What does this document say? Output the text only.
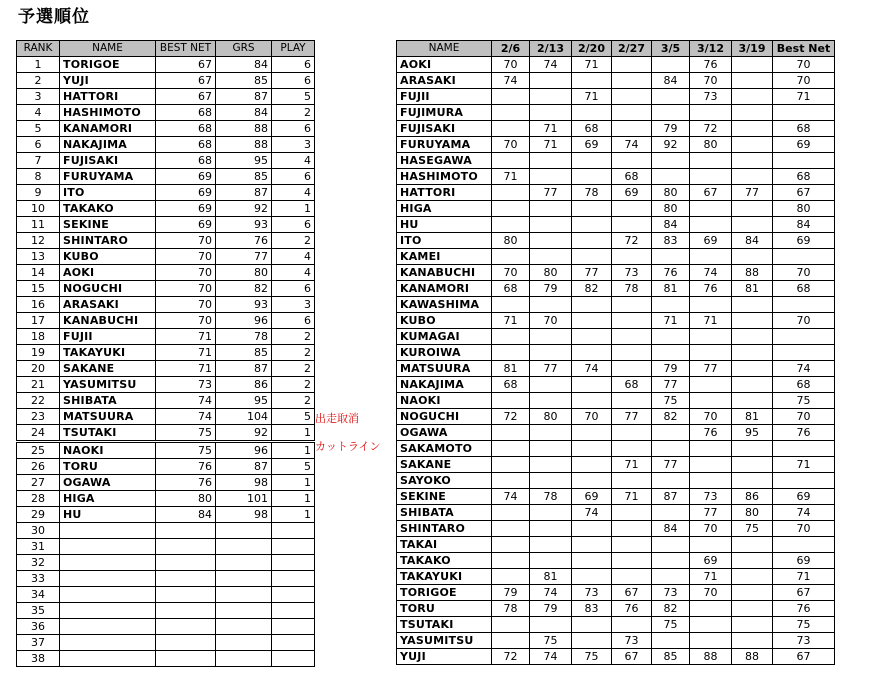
予選順位
RANK	NAME	BEST NET	GRS	PLAY
1	TORIGOE	67	84	6
2	YUJI	67	85	6
3	HATTORI	67	87	5
4	HASHIMOTO	68	84	2
5	KANAMORI	68	88	6
6	NAKAJIMA	68	88	3
7	FUJISAKI	68	95	4
8	FURUYAMA	69	85	6
9	ITO	69	87	4
10	TAKAKO	69	92	1
11	SEKINE	69	93	6
12	SHINTARO	70	76	2
13	KUBO	70	77	4
14	AOKI	70	80	4
15	NOGUCHI	70	82	6
16	ARASAKI	70	93	3
17	KANABUCHI	70	96	6
18	FUJII	71	78	2
19	TAKAYUKI	71	85	2
20	SAKANE	71	87	2
21	YASUMITSU	73	86	2
22	SHIBATA	74	95	2
23	MATSUURA	74	104	5
24	TSUTAKI	75	92	1
25	NAOKI	75	96	1
26	TORU	76	87	5
27	OGAWA	76	98	1
28	HIGA	80	101	1
29	HU	84	98	1
30				
31				
32				
33				
34				
35				
36				
37				
38				
出走取消
カットライン
NAME	2/6	2/13	2/20	2/27	3/5	3/12	3/19	Best Net
AOKI	70	74	71			76		70
ARASAKI	74				84	70		70
FUJII			71			73		71
FUJIMURA								
FUJISAKI		71	68		79	72		68
FURUYAMA	70	71	69	74	92	80		69
HASEGAWA								
HASHIMOTO	71			68				68
HATTORI		77	78	69	80	67	77	67
HIGA					80			80
HU					84			84
ITO	80			72	83	69	84	69
KAMEI								
KANABUCHI	70	80	77	73	76	74	88	70
KANAMORI	68	79	82	78	81	76	81	68
KAWASHIMA								
KUBO	71	70			71	71		70
KUMAGAI								
KUROIWA								
MATSUURA	81	77	74		79	77		74
NAKAJIMA	68			68	77			68
NAOKI					75			75
NOGUCHI	72	80	70	77	82	70	81	70
OGAWA						76	95	76
SAKAMOTO								
SAKANE				71	77			71
SAYOKO								
SEKINE	74	78	69	71	87	73	86	69
SHIBATA			74			77	80	74
SHINTARO					84	70	75	70
TAKAI								
TAKAKO						69		69
TAKAYUKI		81				71		71
TORIGOE	79	74	73	67	73	70		67
TORU	78	79	83	76	82			76
TSUTAKI					75			75
YASUMITSU		75		73				73
YUJI	72	74	75	67	85	88	88	67
